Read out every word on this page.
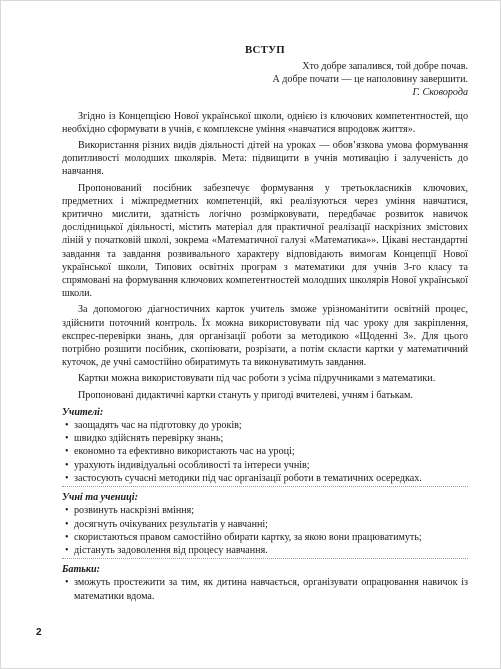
ВСТУП
Хто добре запалився, той добре почав.
А добре почати — це наполовину завершити.
Г. Сковорода

Згідно із Концепцією Нової української школи, однією із ключових компетентностей, що необхідно сформувати в учнів, є комплексне уміння «навчатися впродовж життя».

Використання різних видів діяльності дітей на уроках — обов’язкова умова формування допитливості молодших школярів. Мета: підвищити в учнів мотивацію і залученість до навчання.

Пропонований посібник забезпечує формування у третьокласників ключових, предметних і міжпредметних компетенцій, які реалізуються через уміння навчатися, критично мислити, здатність логічно розмірковувати, передбачає розвиток навичок дослідницької діяльності, містить матеріал для практичної реалізації наскрізних змістових ліній у початковій школі, зокрема «Математичної галузі «Математика»». Цікаві нестандартні завдання та завдання розвивального характеру відповідають вимогам Концепції Нової української школи, Типових освітніх програм з математики для учнів 3-го класу та спрямовані на формування ключових компетентностей молодших школярів Нової української школи.

За допомогою діагностичних карток учитель зможе урізноманітити освітній процес, здійснити поточний контроль. Їх можна використовувати під час уроку для закріплення, експрес-перевірки знань, для організації роботи за методикою «Щоденні 3». Для цього потрібно розшити посібник, скопіювати, розрізати, а потім скласти картки у математичний куточок, де учні самостійно обиратимуть та виконуватимуть завдання.

Картки можна використовувати під час роботи з усіма підручниками з математики.

Пропоновані дидактичні картки стануть у пригоді вчителеві, учням і батькам.

Учителі:
• заощадять час на підготовку до уроків;
• швидко здійснять перевірку знань;
• економно та ефективно використають час на уроці;
• урахують індивідуальні особливості та інтереси учнів;
• застосують сучасні методики під час організації роботи в тематичних осередках.
Учні та учениці:
• розвинуть наскрізні вміння;
• досягнуть очікуваних результатів у навчанні;
• скористаються правом самостійно обирати картку, за якою вони працюватимуть;
• дістануть задоволення від процесу навчання.
Батьки:
• зможуть простежити за тим, як дитина навчається, організувати опрацювання навичок із математики вдома.
2
